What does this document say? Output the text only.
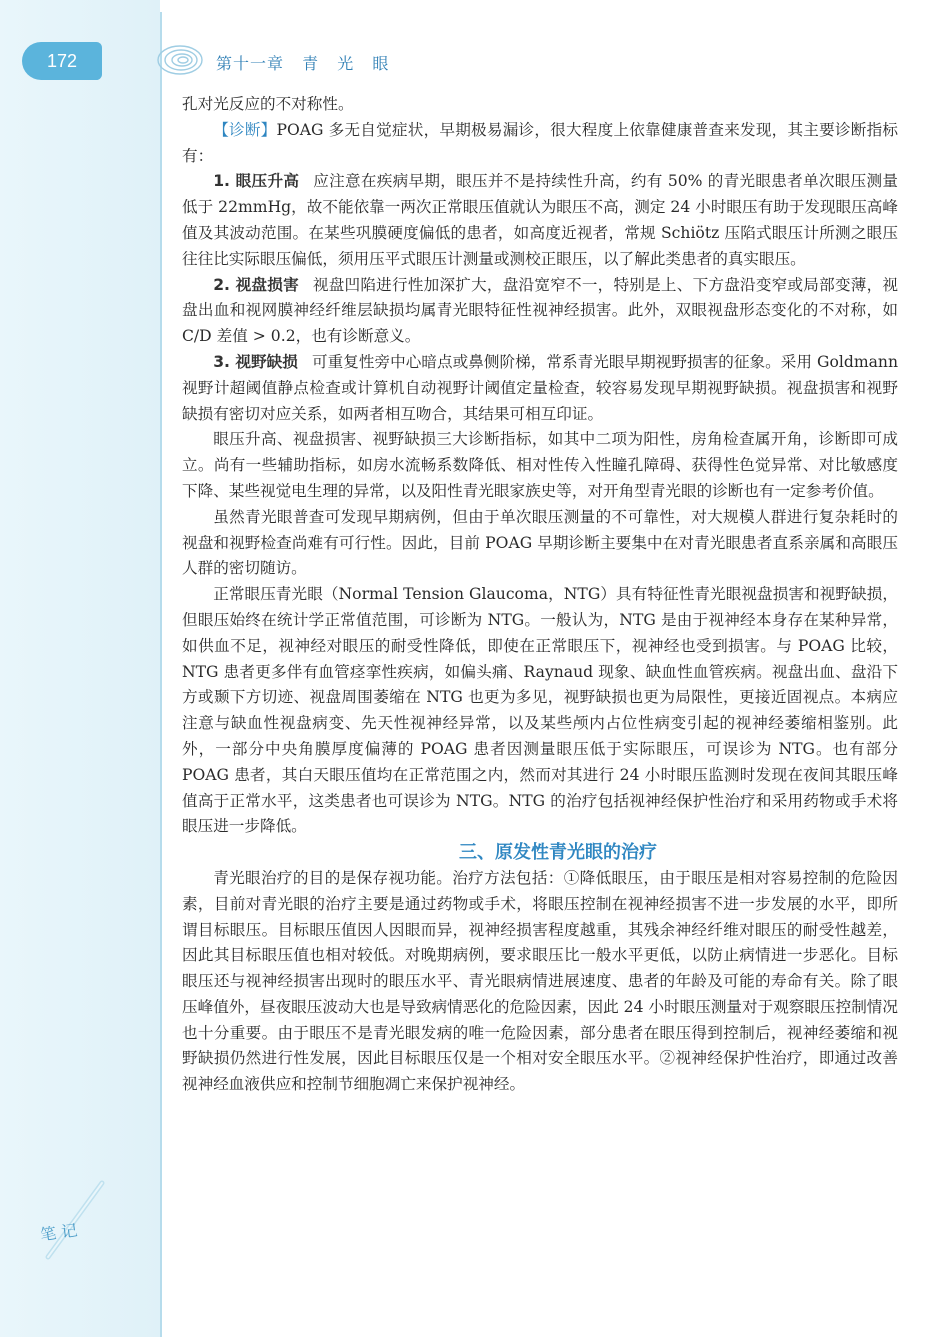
172	第十一章 青 光 眼
笔 记

孔对光反应的不对称性。

【诊断】POAG 多无自觉症状，早期极易漏诊，很大程度上依靠健康普查来发现，其主要诊断指标有：

1. 眼压升高 应注意在疾病早期，眼压并不是持续性升高，约有 50% 的青光眼患者单次眼压测量低于 22mmHg，故不能依靠一两次正常眼压值就认为眼压不高，测定 24 小时眼压有助于发现眼压高峰值及其波动范围。在某些巩膜硬度偏低的患者，如高度近视者，常规 Schiötz 压陷式眼压计所测之眼压往往比实际眼压偏低，须用压平式眼压计测量或测校正眼压，以了解此类患者的真实眼压。

2. 视盘损害 视盘凹陷进行性加深扩大，盘沿宽窄不一，特别是上、下方盘沿变窄或局部变薄，视盘出血和视网膜神经纤维层缺损均属青光眼特征性视神经损害。此外，双眼视盘形态变化的不对称，如 C/D 差值 > 0.2，也有诊断意义。

3. 视野缺损 可重复性旁中心暗点或鼻侧阶梯，常系青光眼早期视野损害的征象。采用 Goldmann 视野计超阈值静点检查或计算机自动视野计阈值定量检查，较容易发现早期视野缺损。视盘损害和视野缺损有密切对应关系，如两者相互吻合，其结果可相互印证。

眼压升高、视盘损害、视野缺损三大诊断指标，如其中二项为阳性，房角检查属开角，诊断即可成立。尚有一些辅助指标，如房水流畅系数降低、相对性传入性瞳孔障碍、获得性色觉异常、对比敏感度下降、某些视觉电生理的异常，以及阳性青光眼家族史等，对开角型青光眼的诊断也有一定参考价值。

虽然青光眼普查可发现早期病例，但由于单次眼压测量的不可靠性，对大规模人群进行复杂耗时的视盘和视野检查尚难有可行性。因此，目前 POAG 早期诊断主要集中在对青光眼患者直系亲属和高眼压人群的密切随访。

正常眼压青光眼（Normal Tension Glaucoma，NTG）具有特征性青光眼视盘损害和视野缺损，但眼压始终在统计学正常值范围，可诊断为 NTG。一般认为，NTG 是由于视神经本身存在某种异常，如供血不足，视神经对眼压的耐受性降低，即使在正常眼压下，视神经也受到损害。与 POAG 比较，NTG 患者更多伴有血管痉挛性疾病，如偏头痛、Raynaud 现象、缺血性血管疾病。视盘出血、盘沿下方或颞下方切迹、视盘周围萎缩在 NTG 也更为多见，视野缺损也更为局限性，更接近固视点。本病应注意与缺血性视盘病变、先天性视神经异常，以及某些颅内占位性病变引起的视神经萎缩相鉴别。此外，一部分中央角膜厚度偏薄的 POAG 患者因测量眼压低于实际眼压，可误诊为 NTG。也有部分 POAG 患者，其白天眼压值均在正常范围之内，然而对其进行 24 小时眼压监测时发现在夜间其眼压峰值高于正常水平，这类患者也可误诊为 NTG。NTG 的治疗包括视神经保护性治疗和采用药物或手术将眼压进一步降低。

三、原发性青光眼的治疗

青光眼治疗的目的是保存视功能。治疗方法包括：①降低眼压，由于眼压是相对容易控制的危险因素，目前对青光眼的治疗主要是通过药物或手术，将眼压控制在视神经损害不进一步发展的水平，即所谓目标眼压。目标眼压值因人因眼而异，视神经损害程度越重，其残余神经纤维对眼压的耐受性越差，因此其目标眼压值也相对较低。对晚期病例，要求眼压比一般水平更低，以防止病情进一步恶化。目标眼压还与视神经损害出现时的眼压水平、青光眼病情进展速度、患者的年龄及可能的寿命有关。除了眼压峰值外，昼夜眼压波动大也是导致病情恶化的危险因素，因此 24 小时眼压测量对于观察眼压控制情况也十分重要。由于眼压不是青光眼发病的唯一危险因素，部分患者在眼压得到控制后，视神经萎缩和视野缺损仍然进行性发展，因此目标眼压仅是一个相对安全眼压水平。②视神经保护性治疗，即通过改善视神经血液供应和控制节细胞凋亡来保护视神经。
